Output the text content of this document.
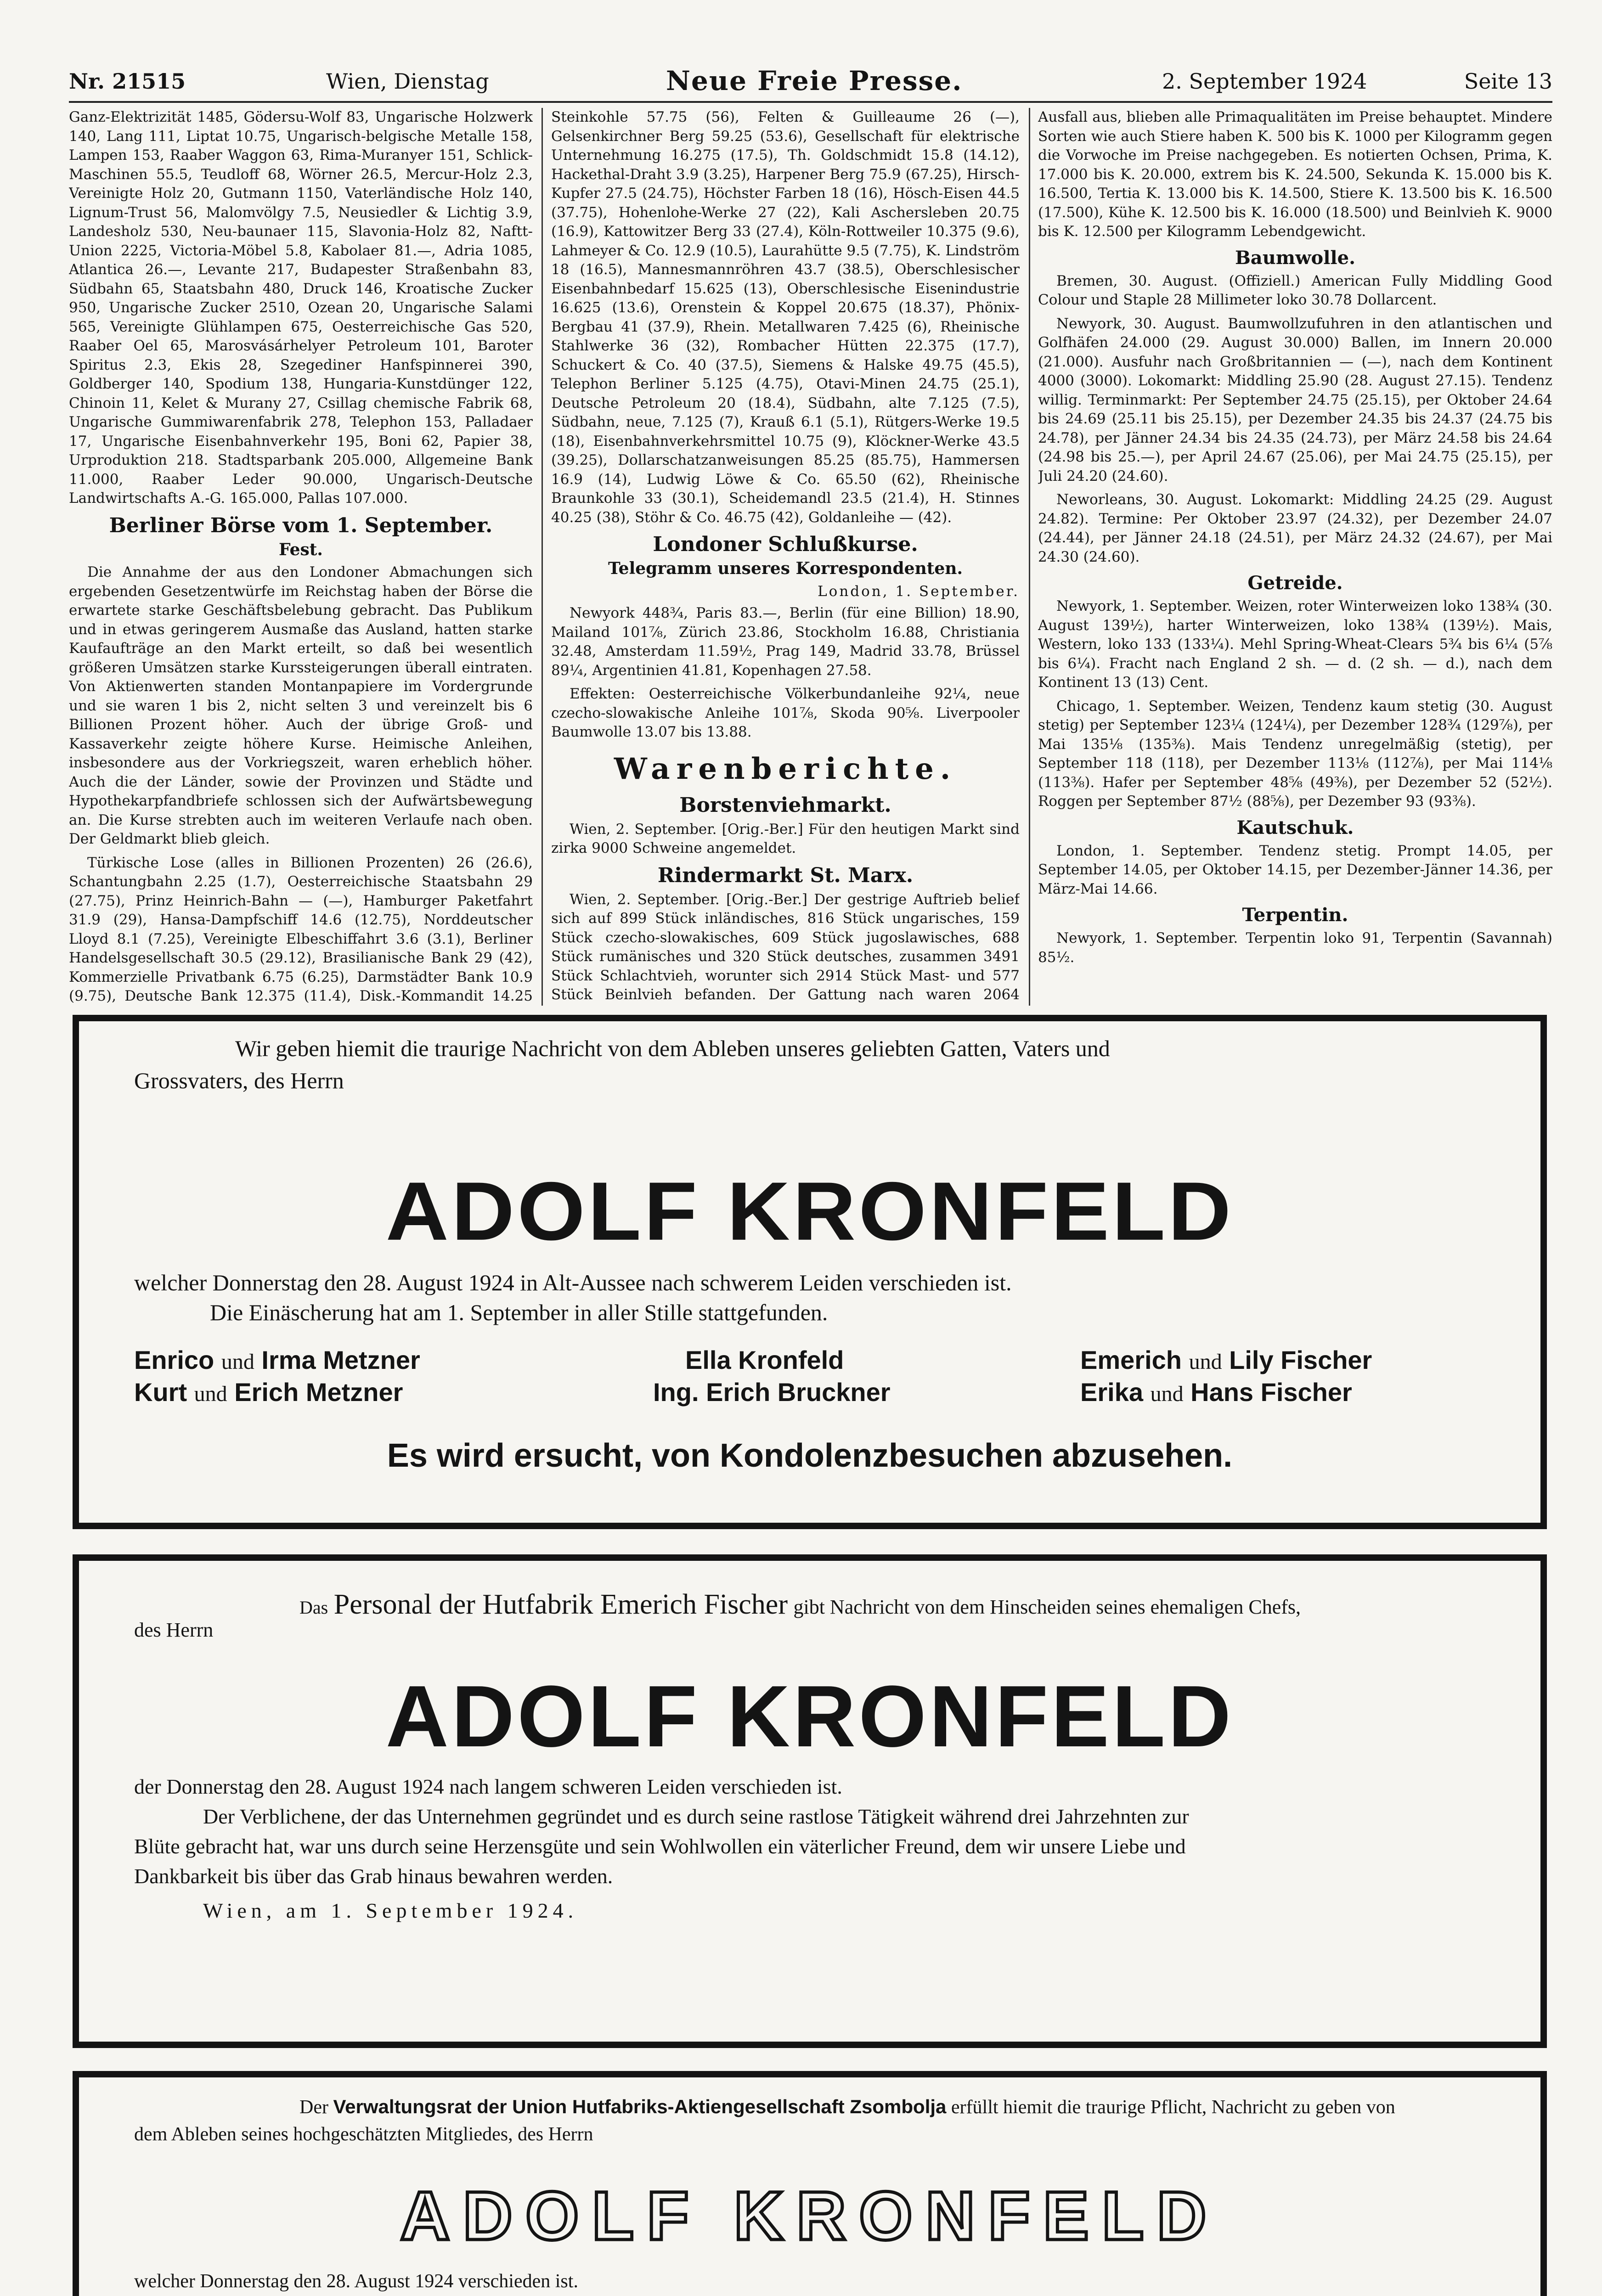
Nr. 21515	Wien, Dienstag	Neue Freie Presse.	2. September 1924	Seite 13

Ganz-Elektrizität 1485, Gödersu-Wolf 83, Ungarische Holzwerk 140, Lang 111, Liptat 10.75, Ungarisch-belgische Metalle 158, Lampen 153, Raaber Waggon 63, Rima-Muranyer 151, Schlick-Maschinen 55.5, Teudloff 68, Wörner 26.5, Mercur-Holz 2.3, Vereinigte Holz 20, Gutmann 1150, Vaterländische Holz 140, Lignum-Trust 56, Malomvölgy 7.5, Neusiedler & Lichtig 3.9, Landesholz 530, Neu-baunaer 115, Slavonia-Holz 82, Naftt-Union 2225, Victoria-Möbel 5.8, Kabolaer 81.—, Adria 1085, Atlantica 26.—, Levante 217, Budapester Straßenbahn 83, Südbahn 65, Staatsbahn 480, Druck 146, Kroatische Zucker 950, Ungarische Zucker 2510, Ozean 20, Ungarische Salami 565, Vereinigte Glühlampen 675, Oesterreichische Gas 520, Raaber Oel 65, Marosvásárhelyer Petroleum 101, Baroter Spiritus 2.3, Ekis 28, Szegediner Hanfspinnerei 390, Goldberger 140, Spodium 138, Hungaria-Kunstdünger 122, Chinoin 11, Kelet & Murany 27, Csillag chemische Fabrik 68, Ungarische Gummiwarenfabrik 278, Telephon 153, Palladaer 17, Ungarische Eisenbahnverkehr 195, Boni 62, Papier 38, Urproduktion 218. Stadtsparbank 205.000, Allgemeine Bank 11.000, Raaber Leder 90.000, Ungarisch-Deutsche Landwirtschafts A.-G. 165.000, Pallas 107.000.

Berliner Börse vom 1. September.
Fest.

Die Annahme der aus den Londoner Abmachungen sich ergebenden Gesetzentwürfe im Reichstag haben der Börse die erwartete starke Geschäftsbelebung gebracht. Das Publikum und in etwas geringerem Ausmaße das Ausland, hatten starke Kaufaufträge an den Markt erteilt, so daß bei wesentlich größeren Umsätzen starke Kurssteigerungen überall eintraten. Von Aktienwerten standen Montanpapiere im Vordergrunde und sie waren 1 bis 2, nicht selten 3 und vereinzelt bis 6 Billionen Prozent höher. Auch der übrige Groß- und Kassaverkehr zeigte höhere Kurse. Heimische Anleihen, insbesondere aus der Vorkriegszeit, waren erheblich höher. Auch die der Länder, sowie der Provinzen und Städte und Hypothekarpfandbriefe schlossen sich der Aufwärtsbewegung an. Die Kurse strebten auch im weiteren Verlaufe nach oben. Der Geldmarkt blieb gleich.

Türkische Lose (alles in Billionen Prozenten) 26 (26.6), Schantungbahn 2.25 (1.7), Oesterreichische Staatsbahn 29 (27.75), Prinz Heinrich-Bahn — (—), Hamburger Paketfahrt 31.9 (29), Hansa-Dampfschiff 14.6 (12.75), Norddeutscher Lloyd 8.1 (7.25), Vereinigte Elbeschiffahrt 3.6 (3.1), Berliner Handelsgesellschaft 30.5 (29.12), Brasilianische Bank 29 (42), Kommerzielle Privatbank 6.75 (6.25), Darmstädter Bank 10.9 (9.75), Deutsche Bank 12.375 (11.4), Disk.-Kommandit 14.25

Steinkohle 57.75 (56), Felten & Guilleaume 26 (—), Gelsenkirchner Berg 59.25 (53.6), Gesellschaft für elektrische Unternehmung 16.275 (17.5), Th. Goldschmidt 15.8 (14.12), Hackethal-Draht 3.9 (3.25), Harpener Berg 75.9 (67.25), Hirsch-Kupfer 27.5 (24.75), Höchster Farben 18 (16), Hösch-Eisen 44.5 (37.75), Hohenlohe-Werke 27 (22), Kali Aschersleben 20.75 (16.9), Kattowitzer Berg 33 (27.4), Köln-Rottweiler 10.375 (9.6), Lahmeyer & Co. 12.9 (10.5), Laurahütte 9.5 (7.75), K. Lindström 18 (16.5), Mannesmannröhren 43.7 (38.5), Oberschlesischer Eisenbahnbedarf 15.625 (13), Oberschlesische Eisenindustrie 16.625 (13.6), Orenstein & Koppel 20.675 (18.37), Phönix-Bergbau 41 (37.9), Rhein. Metallwaren 7.425 (6), Rheinische Stahlwerke 36 (32), Rombacher Hütten 22.375 (17.7), Schuckert & Co. 40 (37.5), Siemens & Halske 49.75 (45.5), Telephon Berliner 5.125 (4.75), Otavi-Minen 24.75 (25.1), Deutsche Petroleum 20 (18.4), Südbahn, alte 7.125 (7.5), Südbahn, neue, 7.125 (7), Krauß 6.1 (5.1), Rütgers-Werke 19.5 (18), Eisenbahnverkehrsmittel 10.75 (9), Klöckner-Werke 43.5 (39.25), Dollarschatzanweisungen 85.25 (85.75), Hammersen 16.9 (14), Ludwig Löwe & Co. 65.50 (62), Rheinische Braunkohle 33 (30.1), Scheidemandl 23.5 (21.4), H. Stinnes 40.25 (38), Stöhr & Co. 46.75 (42), Goldanleihe — (42).

Londoner Schlußkurse.
Telegramm unseres Korrespondenten.
London, 1. September.

Newyork 448¾, Paris 83.—, Berlin (für eine Billion) 18.90, Mailand 101⅞, Zürich 23.86, Stockholm 16.88, Christiania 32.48, Amsterdam 11.59½, Prag 149, Madrid 33.78, Brüssel 89¼, Argentinien 41.81, Kopenhagen 27.58.

Effekten: Oesterreichische Völkerbundanleihe 92¼, neue czecho-slowakische Anleihe 101⅞, Skoda 90⅝. Liverpooler Baumwolle 13.07 bis 13.88.

Warenberichte.
Borstenviehmarkt.

Wien, 2. September. [Orig.-Ber.] Für den heutigen Markt sind zirka 9000 Schweine angemeldet.

Rindermarkt St. Marx.

Wien, 2. September. [Orig.-Ber.] Der gestrige Auftrieb belief sich auf 899 Stück inländisches, 816 Stück ungarisches, 159 Stück czecho-slowakisches, 609 Stück jugoslawisches, 688 Stück rumänisches und 320 Stück deutsches, zusammen 3491 Stück Schlachtvieh, worunter sich 2914 Stück Mast- und 577 Stück Beinlvieh befanden. Der Gattung nach waren 2064

Ausfall aus, blieben alle Primaqualitäten im Preise behauptet. Mindere Sorten wie auch Stiere haben K. 500 bis K. 1000 per Kilogramm gegen die Vorwoche im Preise nachgegeben. Es notierten Ochsen, Prima, K. 17.000 bis K. 20.000, extrem bis K. 24.500, Sekunda K. 15.000 bis K. 16.500, Tertia K. 13.000 bis K. 14.500, Stiere K. 13.500 bis K. 16.500 (17.500), Kühe K. 12.500 bis K. 16.000 (18.500) und Beinlvieh K. 9000 bis K. 12.500 per Kilogramm Lebendgewicht.

Baumwolle.

Bremen, 30. August. (Offiziell.) American Fully Middling Good Colour und Staple 28 Millimeter loko 30.78 Dollarcent.

Newyork, 30. August. Baumwollzufuhren in den atlantischen und Golfhäfen 24.000 (29. August 30.000) Ballen, im Innern 20.000 (21.000). Ausfuhr nach Großbritannien — (—), nach dem Kontinent 4000 (3000). Lokomarkt: Middling 25.90 (28. August 27.15). Tendenz willig. Terminmarkt: Per September 24.75 (25.15), per Oktober 24.64 bis 24.69 (25.11 bis 25.15), per Dezember 24.35 bis 24.37 (24.75 bis 24.78), per Jänner 24.34 bis 24.35 (24.73), per März 24.58 bis 24.64 (24.98 bis 25.—), per April 24.67 (25.06), per Mai 24.75 (25.15), per Juli 24.20 (24.60).

Neworleans, 30. August. Lokomarkt: Middling 24.25 (29. August 24.82). Termine: Per Oktober 23.97 (24.32), per Dezember 24.07 (24.44), per Jänner 24.18 (24.51), per März 24.32 (24.67), per Mai 24.30 (24.60).

Getreide.

Newyork, 1. September. Weizen, roter Winterweizen loko 138¾ (30. August 139½), harter Winterweizen, loko 138¾ (139½). Mais, Western, loko 133 (133¼). Mehl Spring-Wheat-Clears 5¾ bis 6¼ (5⅞ bis 6¼). Fracht nach England 2 sh. — d. (2 sh. — d.), nach dem Kontinent 13 (13) Cent.

Chicago, 1. September. Weizen, Tendenz kaum stetig (30. August stetig) per September 123¼ (124¼), per Dezember 128¾ (129⅞), per Mai 135⅛ (135⅜). Mais Tendenz unregelmäßig (stetig), per September 118 (118), per Dezember 113⅛ (112⅞), per Mai 114⅛ (113⅜). Hafer per September 48⅝ (49⅜), per Dezember 52 (52½). Roggen per September 87½ (88⅝), per Dezember 93 (93⅜).

Kautschuk.

London, 1. September. Tendenz stetig. Prompt 14.05, per September 14.05, per Oktober 14.15, per Dezember-Jänner 14.36, per März-Mai 14.66.

Terpentin.

Newyork, 1. September. Terpentin loko 91, Terpentin (Savannah) 85½.

Wir geben hiemit die traurige Nachricht von dem Ableben unseres geliebten Gatten, Vaters und
Grossvaters, des Herrn
ADOLF KRONFELD
welcher Donnerstag den 28. August 1924 in Alt-Aussee nach schwerem Leiden verschieden ist.
Die Einäscherung hat am 1. September in aller Stille stattgefunden.
Enrico und Irma Metzner
Kurt und Erich Metzner
Ella Kronfeld
Ing. Erich Bruckner
Emerich und Lily Fischer
Erika und Hans Fischer
Es wird ersucht, von Kondolenzbesuchen abzusehen.
Das Personal der Hutfabrik Emerich Fischer gibt Nachricht von dem Hinscheiden seines ehemaligen Chefs,
des Herrn
ADOLF KRONFELD
der Donnerstag den 28. August 1924 nach langem schweren Leiden verschieden ist.
Der Verblichene, der das Unternehmen gegründet und es durch seine rastlose Tätigkeit während drei Jahrzehnten zur
Blüte gebracht hat, war uns durch seine Herzensgüte und sein Wohlwollen ein väterlicher Freund, dem wir unsere Liebe und
Dankbarkeit bis über das Grab hinaus bewahren werden.
Wien, am 1. September 1924.
Der Verwaltungsrat der Union Hutfabriks-Aktiengesellschaft Zsombolja erfüllt hiemit die traurige Pflicht, Nachricht zu geben von
dem Ableben seines hochgeschätzten Mitgliedes, des Herrn
ADOLF KRONFELD
welcher Donnerstag den 28. August 1924 verschieden ist.
